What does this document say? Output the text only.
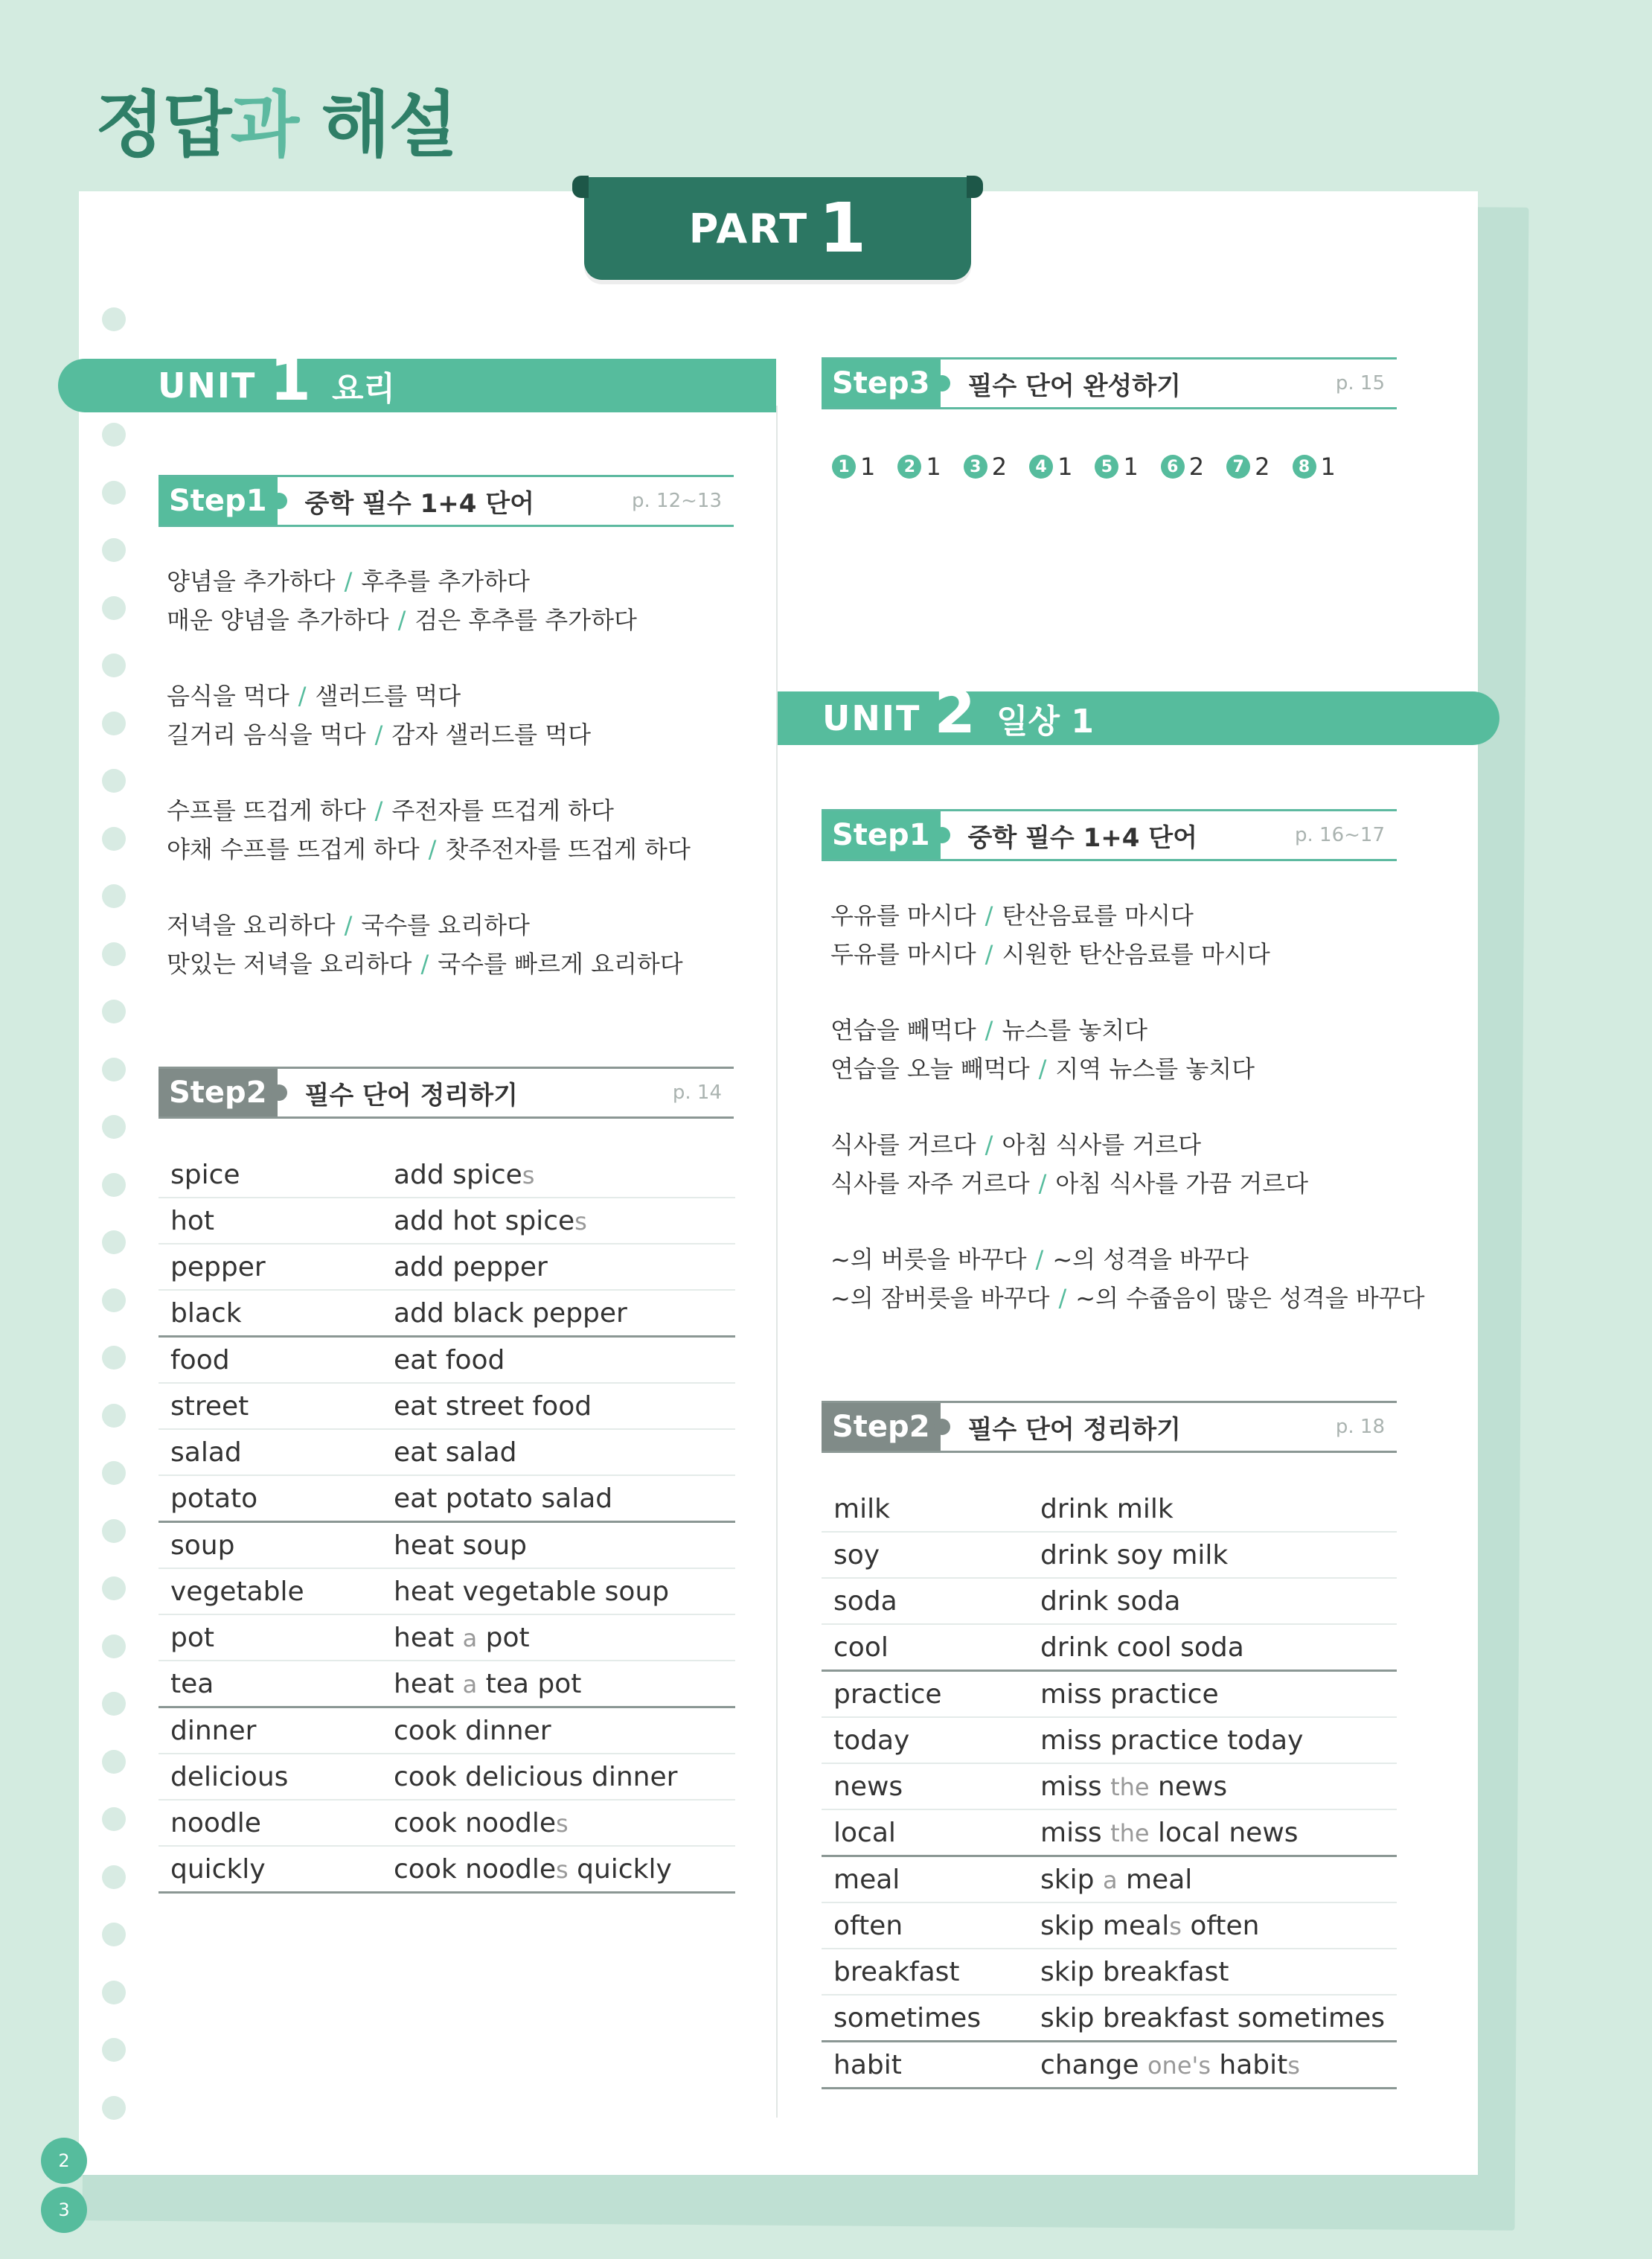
정답과 해설
PART 1
UNIT 1 요리
Step1	중학 필수 1+4 단어	p. 12~13
양념을 추가하다 / 후추를 추가하다
매운 양념을 추가하다 / 검은 후추를 추가하다
음식을 먹다 / 샐러드를 먹다
길거리 음식을 먹다 / 감자 샐러드를 먹다
수프를 뜨겁게 하다 / 주전자를 뜨겁게 하다
야채 수프를 뜨겁게 하다 / 찻주전자를 뜨겁게 하다
저녁을 요리하다 / 국수를 요리하다
맛있는 저녁을 요리하다 / 국수를 빠르게 요리하다
Step2	필수 단어 정리하기	p. 14
spice	add spices
hot	add hot spices
pepper	add pepper
black	add black pepper
food	eat food
street	eat street food
salad	eat salad
potato	eat potato salad
soup	heat soup
vegetable	heat vegetable soup
pot	heat a pot
tea	heat a tea pot
dinner	cook dinner
delicious	cook delicious dinner
noodle	cook noodles
quickly	cook noodles quickly
Step3	필수 단어 완성하기	p. 15
1 1	2 1	3 2	4 1	5 1	6 2	7 2	8 1
UNIT 2 일상 1
Step1	중학 필수 1+4 단어	p. 16~17
우유를 마시다 / 탄산음료를 마시다
두유를 마시다 / 시원한 탄산음료를 마시다
연습을 빼먹다 / 뉴스를 놓치다
연습을 오늘 빼먹다 / 지역 뉴스를 놓치다
식사를 거르다 / 아침 식사를 거르다
식사를 자주 거르다 / 아침 식사를 가끔 거르다
~의 버릇을 바꾸다 / ~의 성격을 바꾸다
~의 잠버릇을 바꾸다 / ~의 수줍음이 많은 성격을 바꾸다
Step2	필수 단어 정리하기	p. 18
milk	drink milk
soy	drink soy milk
soda	drink soda
cool	drink cool soda
practice	miss practice
today	miss practice today
news	miss the news
local	miss the local news
meal	skip a meal
often	skip meals often
breakfast	skip breakfast
sometimes	skip breakfast sometimes
habit	change one's habits
2
3
